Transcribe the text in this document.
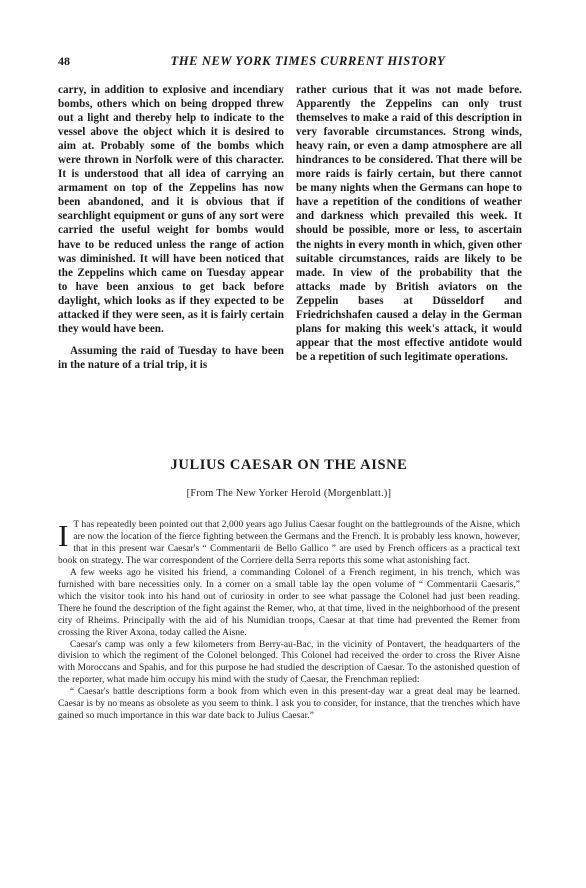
48	THE NEW YORK TIMES CURRENT HISTORY

carry, in addition to explosive and incendiary bombs, others which on being dropped threw out a light and thereby help to indicate to the vessel above the object which it is desired to aim at. Probably some of the bombs which were thrown in Norfolk were of this character. It is understood that all idea of carrying an armament on top of the Zeppelins has now been abandoned, and it is obvious that if searchlight equipment or guns of any sort were carried the useful weight for bombs would have to be reduced unless the range of action was diminished. It will have been noticed that the Zeppelins which came on Tuesday appear to have been anxious to get back before daylight, which looks as if they expected to be attacked if they were seen, as it is fairly certain they would have been.

Assuming the raid of Tuesday to have been in the nature of a trial trip, it is

rather curious that it was not made before. Apparently the Zeppelins can only trust themselves to make a raid of this description in very favorable circumstances. Strong winds, heavy rain, or even a damp atmosphere are all hindrances to be considered. That there will be more raids is fairly certain, but there cannot be many nights when the Germans can hope to have a repetition of the conditions of weather and darkness which prevailed this week. It should be possible, more or less, to ascertain the nights in every month in which, given other suitable circumstances, raids are likely to be made. In view of the probability that the attacks made by British aviators on the Zeppelin bases at Düsseldorf and Friedrichshafen caused a delay in the German plans for making this week's attack, it would appear that the most effective antidote would be a repetition of such legitimate operations.

JULIUS CAESAR ON THE AISNE
[From The New Yorker Herold (Morgenblatt.)]

I T has repeatedly been pointed out that 2,000 years ago Julius Caesar fought on the battlegrounds of the Aisne, which are now the location of the fierce fighting between the Germans and the French. It is probably less known, however, that in this present war Caesar's “ Commentarii de Bello Gallico ” are used by French officers as a practical text book on strategy. The war correspondent of the Corriere della Serra reports this some what astonishing fact.

A few weeks ago he visited his friend, a commanding Colonel of a French regiment, in his trench, which was furnished with bare necessities only. In a corner on a small table lay the open volume of “ Commentarii Caesaris,” which the visitor took into his hand out of curiosity in order to see what passage the Colonel had just been reading. There he found the description of the fight against the Remer, who, at that time, lived in the neighborhood of the present city of Rheims. Principally with the aid of his Numidian troops, Caesar at that time had prevented the Remer from crossing the River Axona, today called the Aisne.

Caesar's camp was only a few kilometers from Berry-au-Bac, in the vicinity of Pontavert, the headquarters of the division to which the regiment of the Colonel belonged. This Colonel had received the order to cross the River Aisne with Moroccans and Spahis, and for this purpose he had studied the description of Caesar. To the astonished question of the reporter, what made him occupy his mind with the study of Caesar, the Frenchman replied:

“ Caesar's battle descriptions form a book from which even in this present-day war a great deal may be learned. Caesar is by no means as obsolete as you seem to think. I ask you to consider, for instance, that the trenches which have gained so much importance in this war date back to Julius Caesar.”
